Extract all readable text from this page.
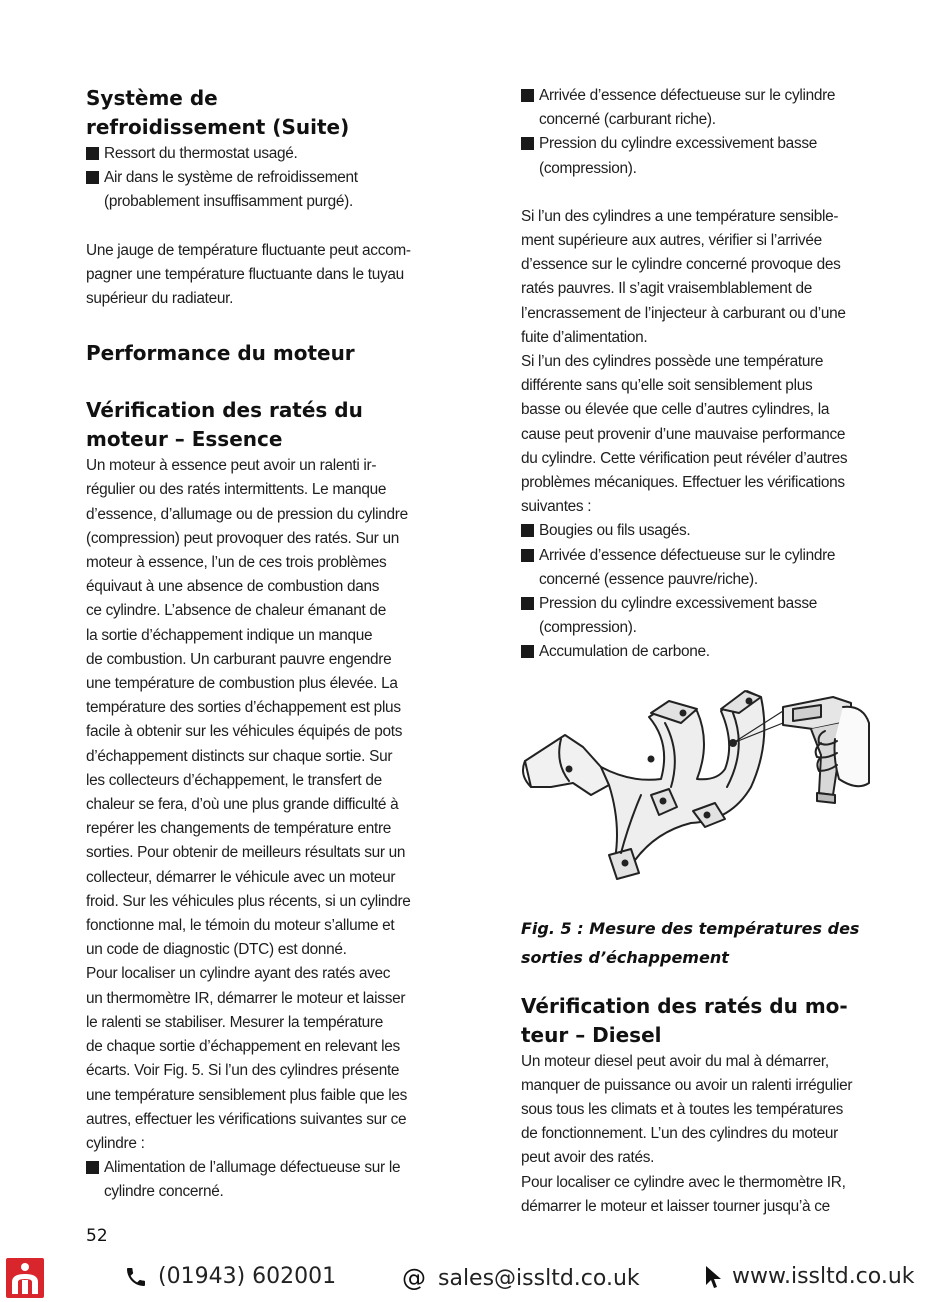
Système de
refroidissement (Suite)
Ressort du thermostat usagé.
Air dans le système de refroidissement
(probablement insuffisamment purgé).

Une jauge de température fluctuante peut accom-
pagner une température fluctuante dans le tuyau
supérieur du radiateur.

Performance du moteur
Vérification des ratés du
moteur – Essence

Un moteur à essence peut avoir un ralenti ir-
régulier ou des ratés intermittents. Le manque
d’essence, d’allumage ou de pression du cylindre
(compression) peut provoquer des ratés. Sur un
moteur à essence, l’un de ces trois problèmes
équivaut à une absence de combustion dans
ce cylindre. L’absence de chaleur émanant de
la sortie d’échappement indique un manque
de combustion. Un carburant pauvre engendre
une température de combustion plus élevée. La
température des sorties d’échappement est plus
facile à obtenir sur les véhicules équipés de pots
d’échappement distincts sur chaque sortie. Sur
les collecteurs d’échappement, le transfert de
chaleur se fera, d’où une plus grande difficulté à
repérer les changements de température entre
sorties. Pour obtenir de meilleurs résultats sur un
collecteur, démarrer le véhicule avec un moteur
froid. Sur les véhicules plus récents, si un cylindre
fonctionne mal, le témoin du moteur s’allume et
un code de diagnostic (DTC) est donné.

Pour localiser un cylindre ayant des ratés avec
un thermomètre IR, démarrer le moteur et laisser
le ralenti se stabiliser. Mesurer la température
de chaque sortie d’échappement en relevant les
écarts. Voir Fig. 5. Si l’un des cylindres présente
une température sensiblement plus faible que les
autres, effectuer les vérifications suivantes sur ce
cylindre :

Alimentation de l’allumage défectueuse sur le
cylindre concerné.
Arrivée d’essence défectueuse sur le cylindre
concerné (carburant riche).
Pression du cylindre excessivement basse
(compression).

Si l’un des cylindres a une température sensible-
ment supérieure aux autres, vérifier si l’arrivée
d’essence sur le cylindre concerné provoque des
ratés pauvres. Il s’agit vraisemblablement de
l’encrassement de l’injecteur à carburant ou d’une
fuite d’alimentation.

Si l’un des cylindres possède une température
différente sans qu’elle soit sensiblement plus
basse ou élevée que celle d’autres cylindres, la
cause peut provenir d’une mauvaise performance
du cylindre. Cette vérification peut révéler d’autres
problèmes mécaniques. Effectuer les vérifications
suivantes :

Bougies ou fils usagés.
Arrivée d’essence défectueuse sur le cylindre
concerné (essence pauvre/riche).
Pression du cylindre excessivement basse
(compression).
Accumulation de carbone.
Fig. 5 : Mesure des températures des
sorties d’échappement
Vérification des ratés du mo-
teur – Diesel

Un moteur diesel peut avoir du mal à démarrer,
manquer de puissance ou avoir un ralenti irrégulier
sous tous les climats et à toutes les températures
de fonctionnement. L’un des cylindres du moteur
peut avoir des ratés.

Pour localiser ce cylindre avec le thermomètre IR,
démarrer le moteur et laisser tourner jusqu’à ce

52
(01943) 602001	@ sales@issltd.co.uk	www.issltd.co.uk
